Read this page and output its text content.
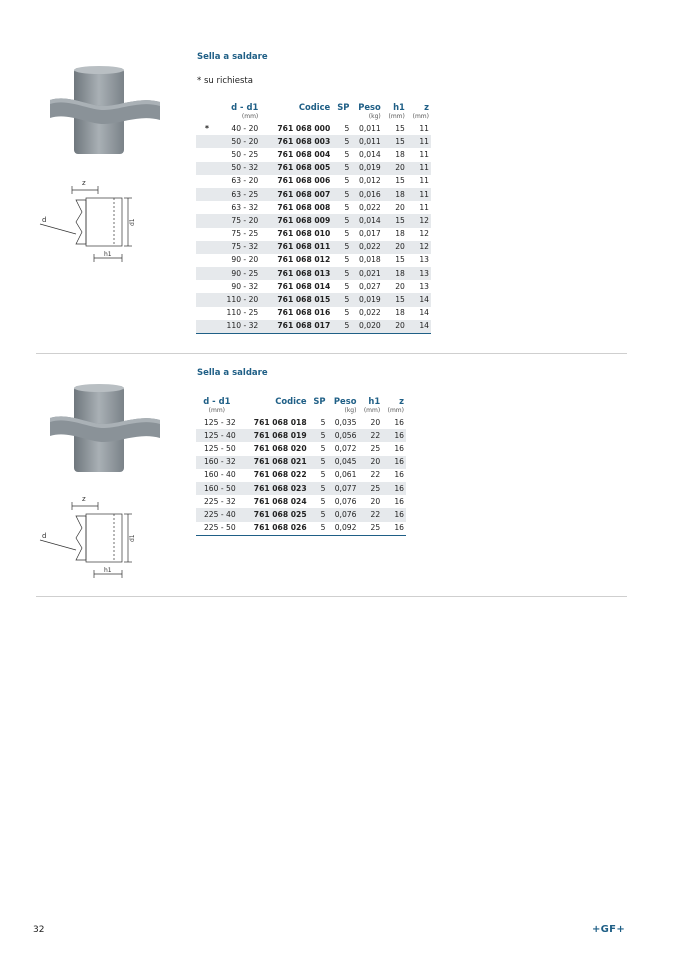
z
d	d1
h1
Sella a saldare
* su richiesta
	d - d1	Codice	SP	Peso	h1	z
	(mm)			(kg)	(mm)	(mm)
*	40 - 20	761 068 000	5	0,011	15	11
	50 - 20	761 068 003	5	0,011	15	11
	50 - 25	761 068 004	5	0,014	18	11
	50 - 32	761 068 005	5	0,019	20	11
	63 - 20	761 068 006	5	0,012	15	11
	63 - 25	761 068 007	5	0,016	18	11
	63 - 32	761 068 008	5	0,022	20	11
	75 - 20	761 068 009	5	0,014	15	12
	75 - 25	761 068 010	5	0,017	18	12
	75 - 32	761 068 011	5	0,022	20	12
	90 - 20	761 068 012	5	0,018	15	13
	90 - 25	761 068 013	5	0,021	18	13
	90 - 32	761 068 014	5	0,027	20	13
	110 - 20	761 068 015	5	0,019	15	14
	110 - 25	761 068 016	5	0,022	18	14
	110 - 32	761 068 017	5	0,020	20	14
z
d	d1
h1
Sella a saldare
d - d1	Codice	SP	Peso	h1	z
(mm)			(kg)	(mm)	(mm)
125 - 32	761 068 018	5	0,035	20	16
125 - 40	761 068 019	5	0,056	22	16
125 - 50	761 068 020	5	0,072	25	16
160 - 32	761 068 021	5	0,045	20	16
160 - 40	761 068 022	5	0,061	22	16
160 - 50	761 068 023	5	0,077	25	16
225 - 32	761 068 024	5	0,076	20	16
225 - 40	761 068 025	5	0,076	22	16
225 - 50	761 068 026	5	0,092	25	16
32	+GF+
